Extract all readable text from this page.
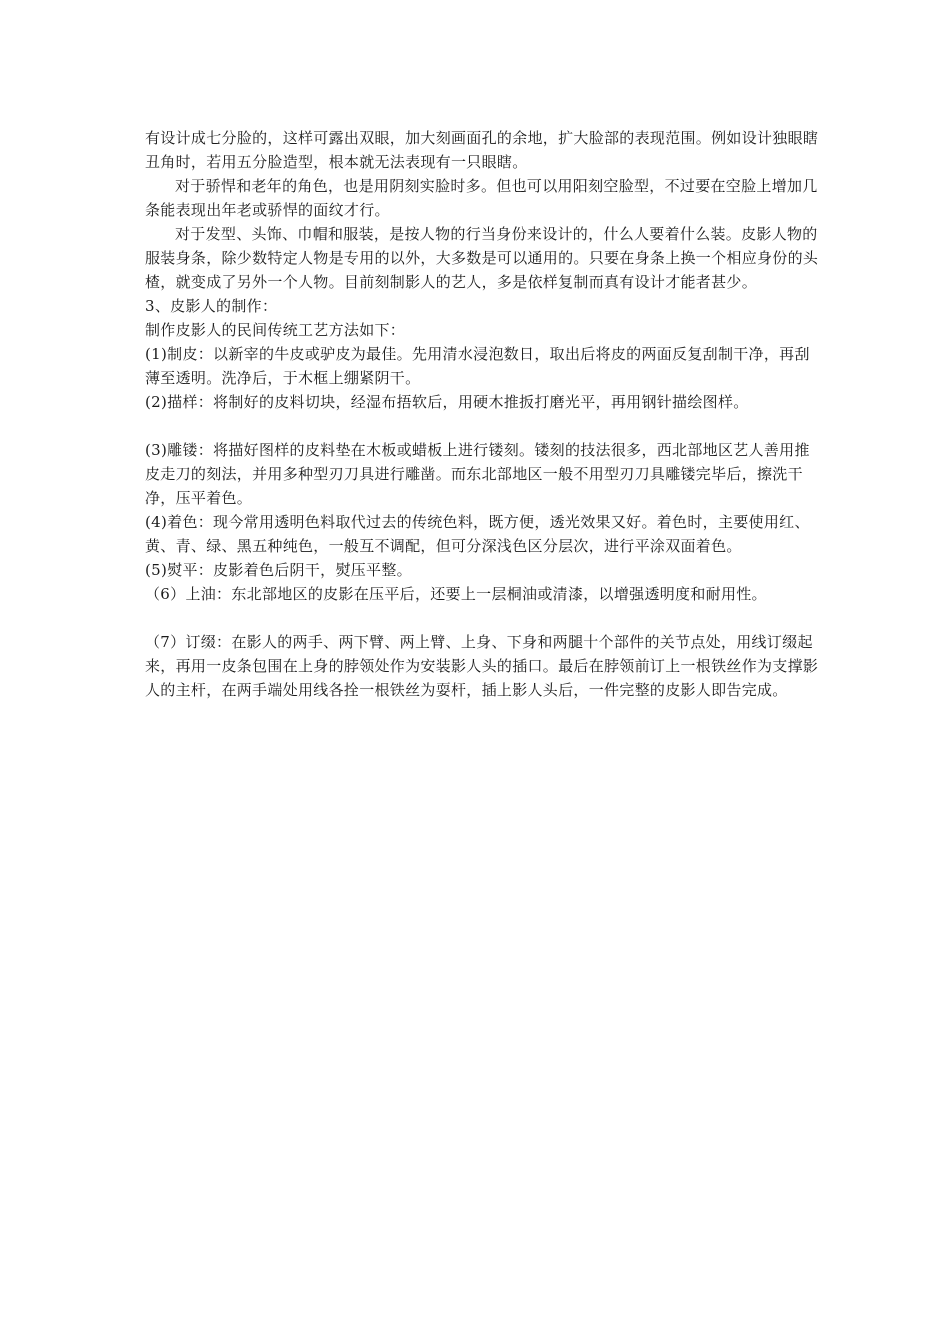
有设计成七分脸的，这样可露出双眼，加大刻画面孔的余地，扩大脸部的表现范围。例如设计独眼瞎丑角时，若用五分脸造型，根本就无法表现有一只眼瞎。

对于骄悍和老年的角色，也是用阴刻实脸时多。但也可以用阳刻空脸型，不过要在空脸上增加几条能表现出年老或骄悍的面纹才行。

对于发型、头饰、巾帽和服装，是按人物的行当身份来设计的，什么人要着什么装。皮影人物的服装身条，除少数特定人物是专用的以外，大多数是可以通用的。只要在身条上换一个相应身份的头楂，就变成了另外一个人物。目前刻制影人的艺人，多是依样复制而真有设计才能者甚少。

3、皮影人的制作：

制作皮影人的民间传统工艺方法如下：

(1)制皮：以新宰的牛皮或驴皮为最佳。先用清水浸泡数日，取出后将皮的两面反复刮制干净，再刮薄至透明。洗净后，于木框上绷紧阴干。

(2)描样：将制好的皮料切块，经湿布捂软后，用硬木推扳打磨光平，再用钢针描绘图样。

(3)雕镂：将描好图样的皮料垫在木板或蜡板上进行镂刻。镂刻的技法很多，西北部地区艺人善用推皮走刀的刻法，并用多种型刃刀具进行雕凿。而东北部地区一般不用型刃刀具雕镂完毕后，擦洗干净，压平着色。

(4)着色：现今常用透明色料取代过去的传统色料，既方便，透光效果又好。着色时，主要使用红、黄、青、绿、黑五种纯色，一般互不调配，但可分深浅色区分层次，进行平涂双面着色。

(5)熨平：皮影着色后阴干，熨压平整。

（6）上油：东北部地区的皮影在压平后，还要上一层桐油或清漆，以增强透明度和耐用性。

（7）订缀：在影人的两手、两下臂、两上臂、上身、下身和两腿十个部件的关节点处，用线订缀起来，再用一皮条包围在上身的脖领处作为安装影人头的插口。最后在脖领前订上一根铁丝作为支撑影人的主杆，在两手端处用线各拴一根铁丝为耍杆，插上影人头后，一件完整的皮影人即告完成。
